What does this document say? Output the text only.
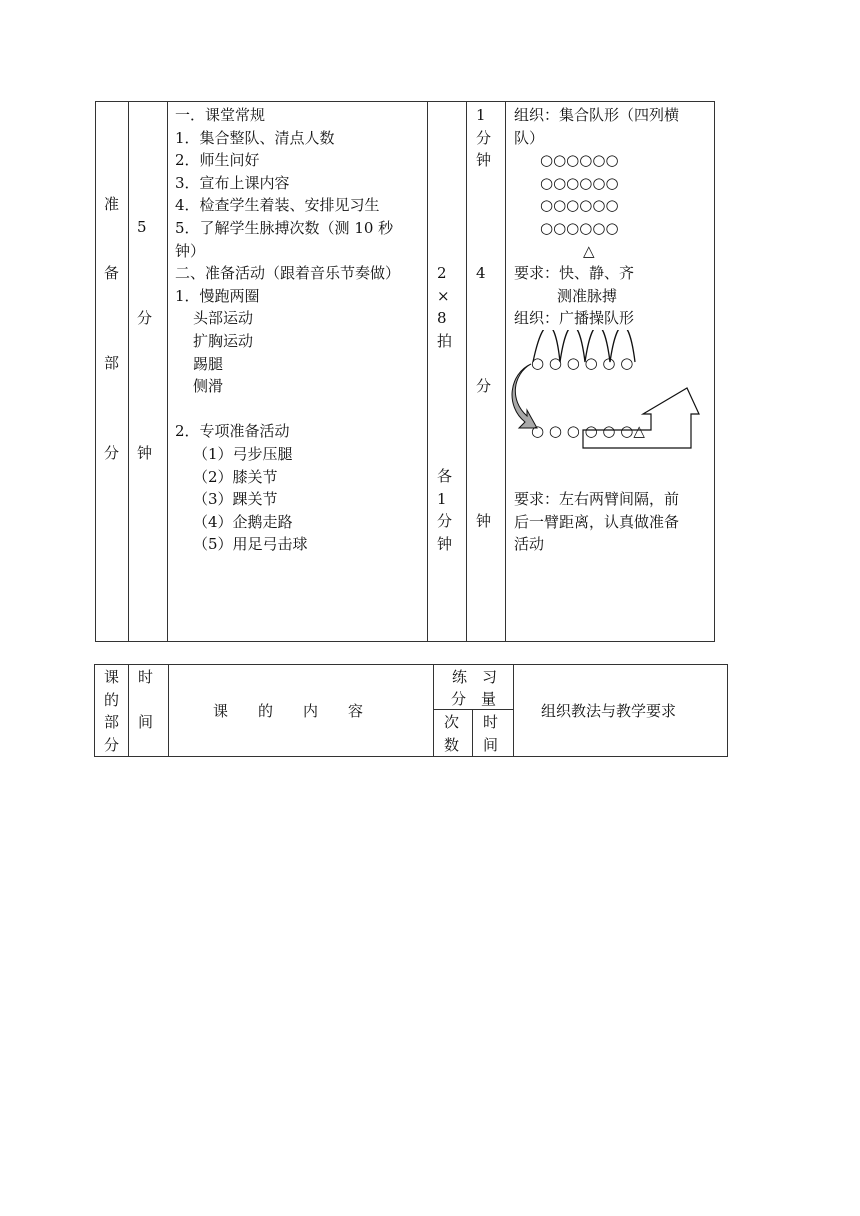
准
备
部
分
5
分
钟
一．课堂常规
1．集合整队、清点人数
2．师生问好
3．宣布上课内容
4．检查学生着装、安排见习生
5．了解学生脉搏次数（测 10 秒
钟）
二、准备活动（跟着音乐节奏做）
1．慢跑两圈
头部运动
扩胸运动
踢腿
侧滑
2．专项准备活动
（1）弓步压腿
（2）膝关节
（3）踝关节
（4）企鹅走路
（5）用足弓击球
2
×
8
拍
各
1
分
钟
1
分
钟
4
分
钟
组织：集合队形（四列横
队）
○○○○○○
○○○○○○
○○○○○○
○○○○○○
△
要求：快、静、齐
测准脉搏
组织：广播操队形
○ ○ ○ ○ ○ ○
○ ○ ○ ○ ○ ○△
要求：左右两臂间隔，前
后一臂距离，认真做准备
活动
课
的
部
分
时
间
课　　的　　内　　容
练　习
分　量
次
数
时
间
组织教法与教学要求
